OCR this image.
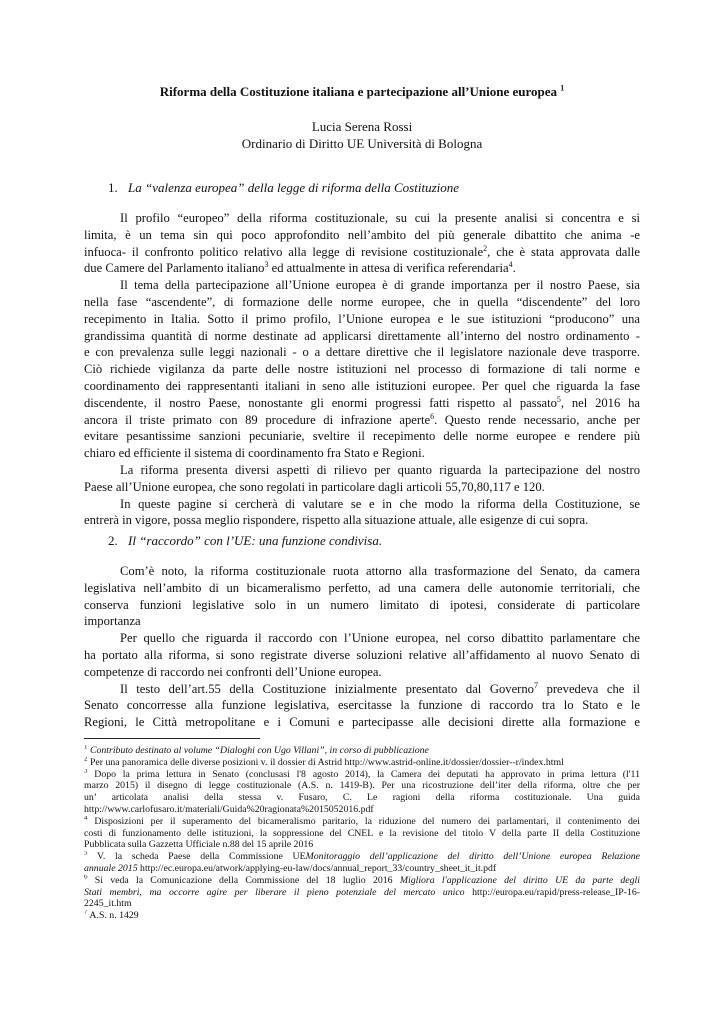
Riforma della Costituzione italiana e partecipazione all’Unione europea $^1$
Lucia Serena Rossi
Ordinario di Diritto UE Università di Bologna
1. La “valenza europea” della legge di riforma della Costituzione
Il profilo “europeo” della riforma costituzionale, su cui la presente analisi si concentra e si
limita, è un tema sin qui poco approfondito nell’ambito del più generale dibattito che anima -e
infuoca- il confronto politico relativo alla legge di revisione costituzionale$^2$, che è stata approvata dalle
due Camere del Parlamento italiano$^3$ ed attualmente in attesa di verifica referendaria$^4$.
Il tema della partecipazione all’Unione europea è di grande importanza per il nostro Paese, sia
nella fase “ascendente”, di formazione delle norme europee, che in quella “discendente” del loro
recepimento in Italia. Sotto il primo profilo, l’Unione europea e le sue istituzioni “producono” una
grandissima quantità di norme destinate ad applicarsi direttamente all’interno del nostro ordinamento -
e con prevalenza sulle leggi nazionali - o a dettare direttive che il legislatore nazionale deve trasporre.
Ciò richiede vigilanza da parte delle nostre istituzioni nel processo di formazione di tali norme e
coordinamento dei rappresentanti italiani in seno alle istituzioni europee. Per quel che riguarda la fase
discendente, il nostro Paese, nonostante gli enormi progressi fatti rispetto al passato$^5$, nel 2016 ha
ancora il triste primato con 89 procedure di infrazione aperte$^6$. Questo rende necessario, anche per
evitare pesantissime sanzioni pecuniarie, sveltire il recepimento delle norme europee e rendere più
chiaro ed efficiente il sistema di coordinamento fra Stato e Regioni.
La riforma presenta diversi aspetti di rilievo per quanto riguarda la partecipazione del nostro
Paese all’Unione europea, che sono regolati in particolare dagli articoli 55,70,80,117 e 120.
In queste pagine si cercherà di valutare se e in che modo la riforma della Costituzione, se
entrerà in vigore, possa meglio rispondere, rispetto alla situazione attuale, alle esigenze di cui sopra.
2. Il “raccordo” con l’UE: una funzione condivisa.
Com’è noto, la riforma costituzionale ruota attorno alla trasformazione del Senato, da camera
legislativa nell’ambito di un bicameralismo perfetto, ad una camera delle autonomie territoriali, che
conserva funzioni legislative solo in un numero limitato di ipotesi, considerate di particolare
importanza
Per quello che riguarda il raccordo con l’Unione europea, nel corso dibattito parlamentare che
ha portato alla riforma, si sono registrate diverse soluzioni relative all’affidamento al nuovo Senato di
competenze di raccordo nei confronti dell’Unione europea.
Il testo dell’art.55 della Costituzione inizialmente presentato dal Governo$^7$ prevedeva che il
Senato concorresse alla funzione legislativa, esercitasse la funzione di raccordo tra lo Stato e le
Regioni, le Città metropolitane e i Comuni e partecipasse alle decisioni dirette alla formazione e
$^1$ Contributo destinato al volume “Dialoghi con Ugo Villani”, in corso di pubblicazione
$^2$ Per una panoramica delle diverse posizioni v. il dossier di Astrid http://www.astrid-online.it/dossier/dossier--r/index.html
$^3$ Dopo la prima lettura in Senato (conclusasi l'8 agosto 2014), la Camera dei deputati ha approvato in prima lettura (l'11
marzo 2015) il disegno di legge costituzionale (A.S. n. 1419-B). Per una ricostruzione dell’iter della riforma, oltre che per
un’ articolata analisi della stessa v. Fusaro, C. Le ragioni della riforma costituzionale. Una guida
http://www.carlofusaro.it/materiali/Guida%20ragionata%2015052016.pdf
$^4$ Disposizioni per il superamento del bicameralismo paritario, la riduzione del numero dei parlamentari, il contenimento dei
costi di funzionamento delle istituzioni, la soppressione del CNEL e la revisione del titolo V della parte II della Costituzione
Pubblicata sulla Gazzetta Ufficiale n.88 del 15 aprile 2016
$^5$ V. la scheda Paese della Commissione UEMonitoraggio dell’applicazione del diritto dell’Unione europea Relazione
annuale 2015 http://ec.europa.eu/atwork/applying-eu-law/docs/annual_report_33/country_sheet_it_it.pdf
$^6$ Si veda la Comunicazione della Commissione del 18 luglio 2016 Migliora l'applicazione del diritto UE da parte degli
Stati membri, ma occorre agire per liberare il pieno potenziale del mercato unico http://europa.eu/rapid/press-release_IP-16-
2245_it.htm
$^7$ A.S. n. 1429
